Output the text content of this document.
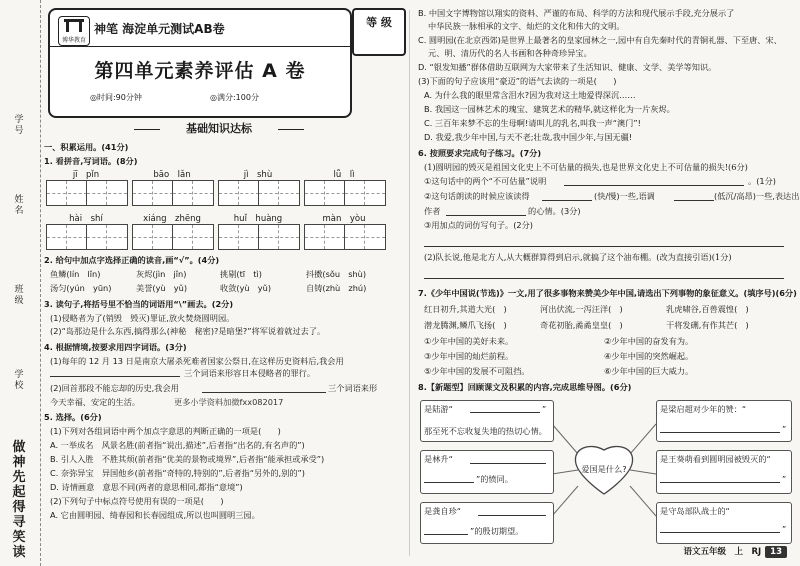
学号
姓名
班级
学校
做神先起 得寻笑读
博华教育
神笔 海淀单元测试AB卷
第四单元素养评估 A 卷
◎时间:90分钟	◎满分:100分
等 级
基础知识达标
一、积累运用。(41分)
1. 看拼音,写词语。(8分)
jī　pǐn	bāo　lǎn	jì　shù	lǚ　lì
hài　shí	xiáng　zhēng	huǐ　huàng	màn　yòu
2. 给句中加点字选择正确的读音,画“√”。(4分)
鱼鳞(lín　lǐn)	灰烬(jìn　jǐn)	挑剔(tī　tì)	抖擞(sǒu　shù)
汤匀(yún　yūn)	美誉(yù　yǔ)	收敛(yù　yǔ)	自铸(zhù　zhú)
3. 读句子,将括号里不恰当的词语用“\”画去。(2分)
(1)侵略者为了(销毁　毁灭)罪证,放火焚烧圆明园。
(2)“岛那边是什么东西,搞得那么(神秘　秘密)?是暗堡?”将军说着就过去了。
4. 根据情境,按要求用四字词语。(3分)
(1)每年的 12 月 13 日是南京大屠杀死难者国家公祭日,在这样历史资料后,我会用
三个词语来形容日本侵略者的罪行。
(2)回首那段不能忘却的历史,我会用	三个词语来形
今天幸福、安定的生活。	更多小学资料加微fxx082017
5. 选择。(6分)
(1)下列对各组词语中两个加点字意思的判断正确的一项是(　　)
A. 一举成名　风景名胜(前者指“说出,描述”,后者指“出名的,有名声的”)
B. 引人入胜　不胜其烦(前者指“优美的景物或境界”,后者指“能承担或承受”)
C. 奈弥异宝　异国他乡(前者指“奇特的,特别的”,后者指“另外的,别的”)
D. 诗情画意　意思不同(两者的意思相同,都指“意境”)
(2)下列句子中标点符号使用有误的一项是(　　)
A. 它由圆明园、绮春园和长春园组成,所以也叫圆明三园。
B. 中国文字博物馆以翔实的资料、严谨的布局、科学的方法和现代展示手段,充分展示了
中华民族一脉相承的文字、灿烂的文化和伟大的文明。
C. 圆明园(在北京西郊)是世界上最著名的皇家园林之一,园中有自先秦时代的青铜礼器、下至唐、宋、
元、明、清历代的名人书画和各种奇珍异宝。
D. “银发知播”群体借助互联网为大家带来了生活知识、健康、文学、美学等知识。
(3)下面的句子应该用“豪迈”的语气去读的一项是(　　)
A. 为什么我的眼里常含泪水?因为我对这土地爱得深沉……
B. 我国这一园林艺术的瑰宝、建筑艺术的精华,就这样化为一片灰烬。
C. 三百年来梦不忘的生母啊!请叫儿的乳名,叫我一声“澳门”!
D. 我爱,我少年中国,与天不老;壮哉,我中国少年,与国无疆!
6. 按照要求完成句子练习。(7分)
(1)圆明园的毁灭是祖国文化史上不可估量的损失,也是世界文化史上不可估量的损失!(6分)
①这句话中的两个“不可估量”说明	。(1分)
②这句话朗读的时候应该读得	(快/慢)一些,语调	(低沉/高昂)一些,表达出
作者	的心情。(3分)
③用加点的词仿写句子。(2分)
(2)队长说,他是北方人,从大概群算得到启示,就搞了这个油布棚。(改为直接引语)(1分)
7.《少年中国说(节选)》一文,用了很多事物来赞美少年中国,请选出下列事物的象征意义。(填序号)(6分)
红日初升,其道大光(　)	河出伏流,一泻汪洋(　)	乳虎啸谷,百兽震惶(　)
潜龙腾渊,鳞爪飞扬(　)	奇花初胎,矞矞皇皇(　)	干将发硎,有作其芒(　)
①少年中国的美好未来。	②少年中国的奋发有为。
③少年中国的灿烂前程。	④少年中国的突然崛起。
⑤少年中国的发展不可阻挡。	⑥少年中国的巨大威力。
8.【新题型】回顾课文及积累的内容,完成思维导图。(6分)
爱国是什么?
是陆游“	”
那至死不忘收复失地的热切心情。
是林升“
”的愤同。
是龚自珍“
”的殷切期望。
是梁启超对少年的赞：“
”
是王葵萌看到圆明园被毁灭的“
”
是守岛部队战士的“
”
语文五年级　上　RJ 13
